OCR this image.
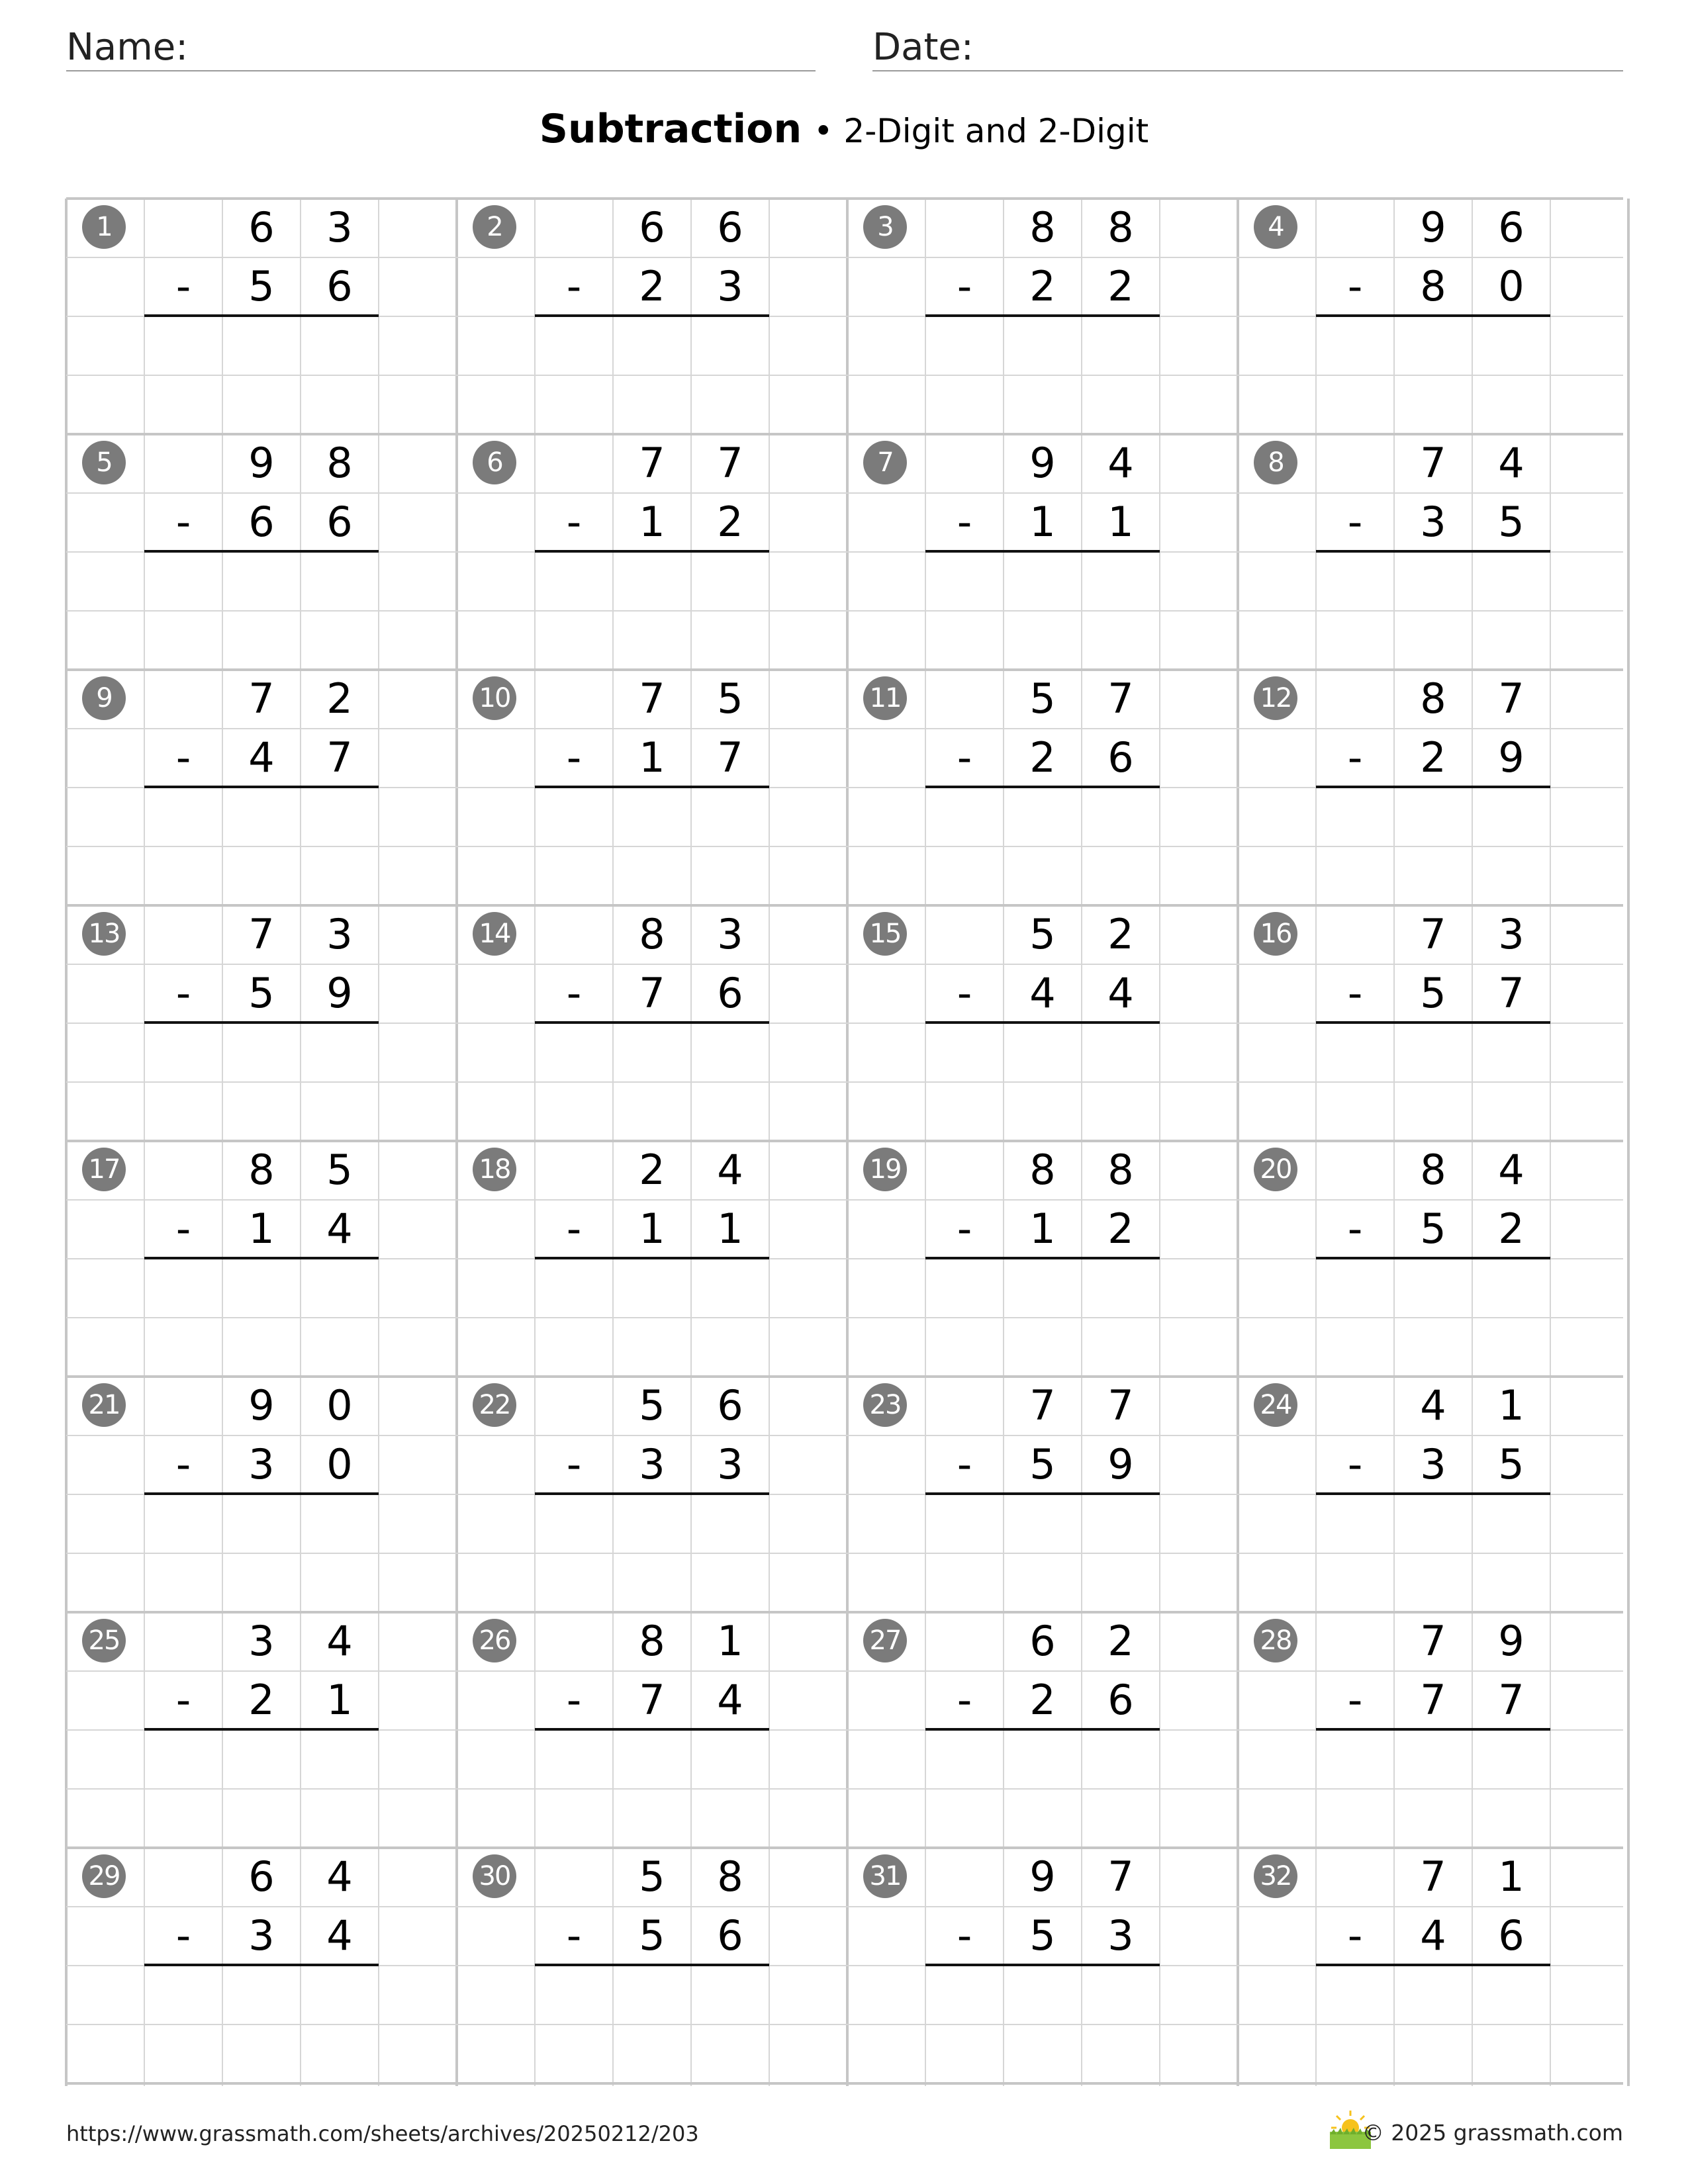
Name:	Date:
Subtraction • 2-Digit and 2-Digit
1	6	3
-	5	6
2	6	6
-	2	3
3	8	8
-	2	2
4	9	6
-	8	0
5	9	8
-	6	6
6	7	7
-	1	2
7	9	4
-	1	1
8	7	4
-	3	5
9	7	2
-	4	7
10	7	5
-	1	7
11	5	7
-	2	6
12	8	7
-	2	9
13	7	3
-	5	9
14	8	3
-	7	6
15	5	2
-	4	4
16	7	3
-	5	7
17	8	5
-	1	4
18	2	4
-	1	1
19	8	8
-	1	2
20	8	4
-	5	2
21	9	0
-	3	0
22	5	6
-	3	3
23	7	7
-	5	9
24	4	1
-	3	5
25	3	4
-	2	1
26	8	1
-	7	4
27	6	2
-	2	6
28	7	9
-	7	7
29	6	4
-	3	4
30	5	8
-	5	6
31	9	7
-	5	3
32	7	1
-	4	6
https://www.grassmath.com/sheets/archives/20250212/203	© 2025 grassmath.com
